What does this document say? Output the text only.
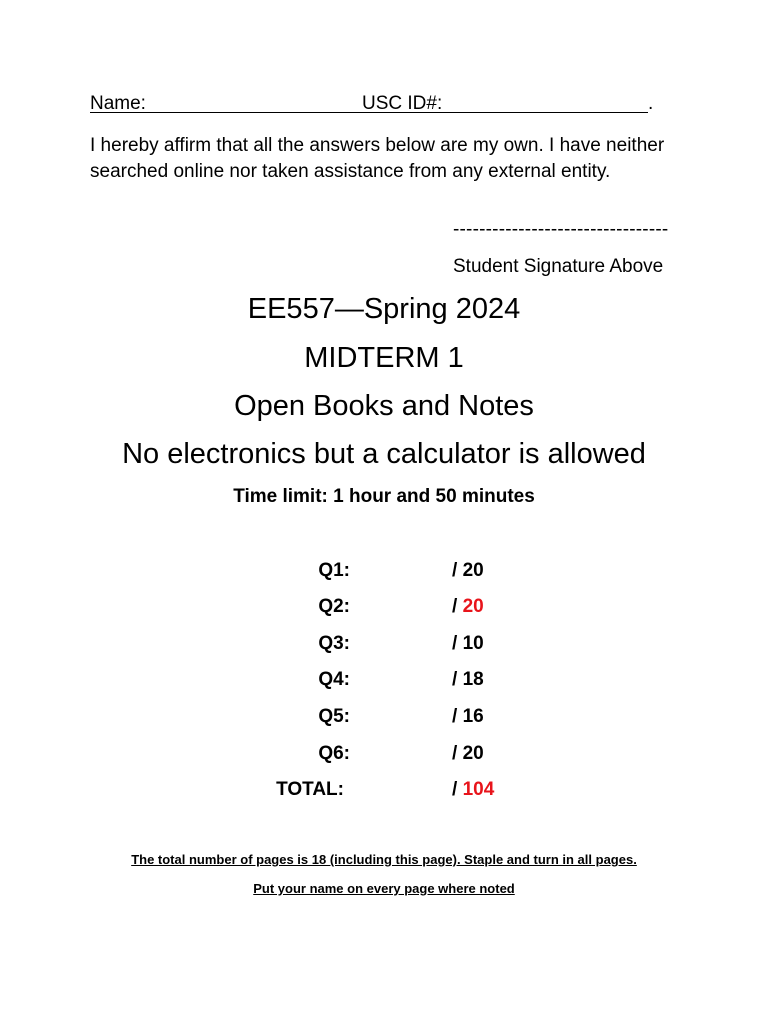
Name:	USC ID#:	.
I hereby affirm that all the answers below are my own. I have neither searched online nor taken assistance from any external entity.
---------------------------------
Student Signature Above
EE557—Spring 2024
MIDTERM 1
Open Books and Notes
No electronics but a calculator is allowed
Time limit: 1 hour and 50 minutes
Q1:	/ 20
Q2:	/ 20
Q3:	/ 10
Q4:	/ 18
Q5:	/ 16
Q6:	/ 20
TOTAL:	/ 104
The total number of pages is 18 (including this page). Staple and turn in all pages.
Put your name on every page where noted
